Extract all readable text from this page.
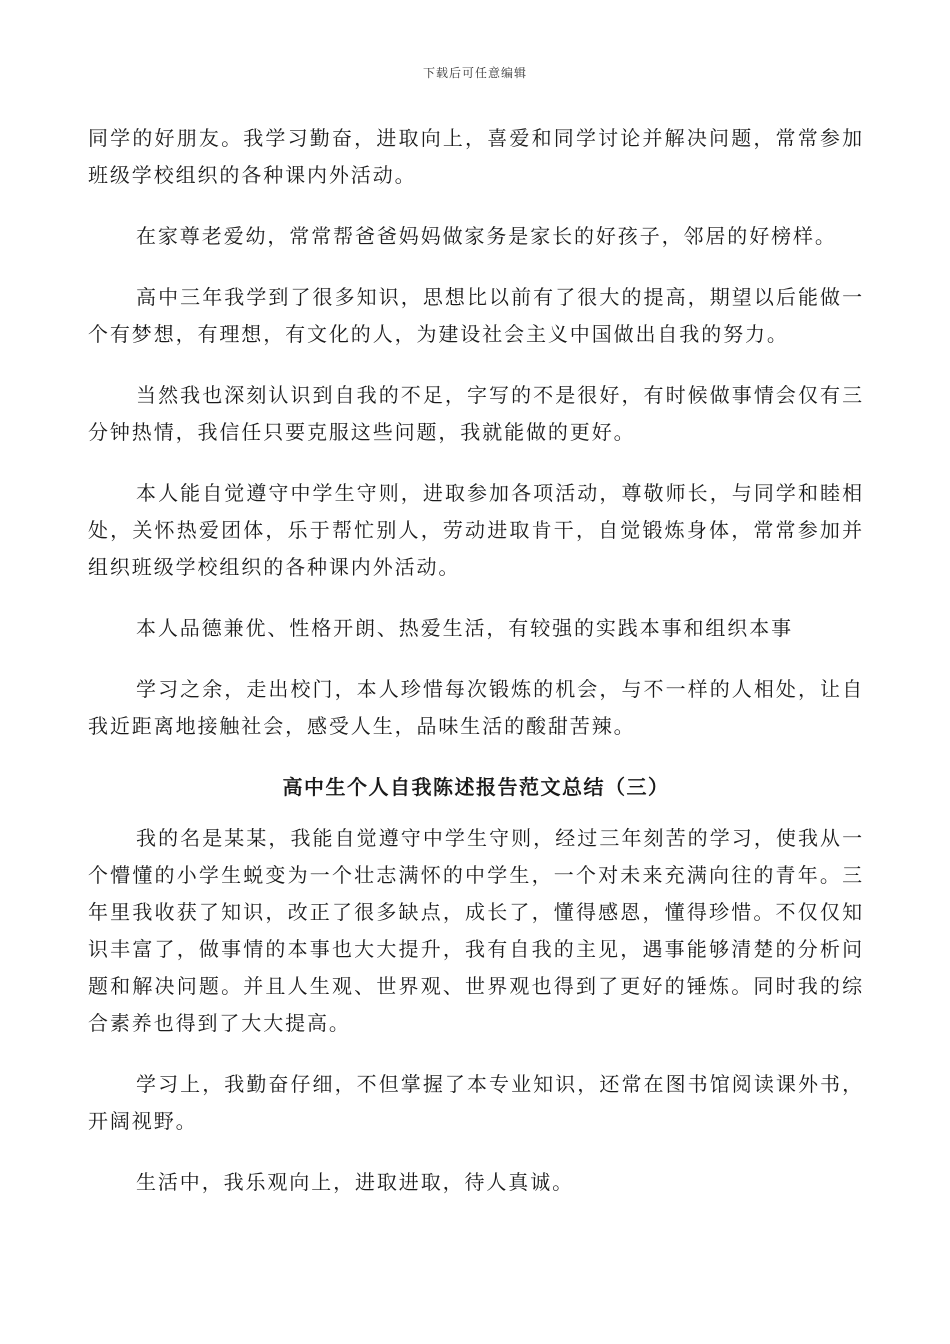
下载后可任意编辑

同学的好朋友。我学习勤奋，进取向上，喜爱和同学讨论并解决问题，常常参加班级学校组织的各种课内外活动。

在家尊老爱幼，常常帮爸爸妈妈做家务是家长的好孩子，邻居的好榜样。

高中三年我学到了很多知识，思想比以前有了很大的提高，期望以后能做一个有梦想，有理想，有文化的人，为建设社会主义中国做出自我的努力。

当然我也深刻认识到自我的不足，字写的不是很好，有时候做事情会仅有三分钟热情，我信任只要克服这些问题，我就能做的更好。

本人能自觉遵守中学生守则，进取参加各项活动，尊敬师长，与同学和睦相处，关怀热爱团体，乐于帮忙别人，劳动进取肯干，自觉锻炼身体，常常参加并组织班级学校组织的各种课内外活动。

本人品德兼优、性格开朗、热爱生活，有较强的实践本事和组织本事

学习之余，走出校门，本人珍惜每次锻炼的机会，与不一样的人相处，让自我近距离地接触社会，感受人生，品味生活的酸甜苦辣。

高中生个人自我陈述报告范文总结（三）

我的名是某某，我能自觉遵守中学生守则，经过三年刻苦的学习，使我从一个懵懂的小学生蜕变为一个壮志满怀的中学生，一个对未来充满向往的青年。三年里我收获了知识，改正了很多缺点，成长了，懂得感恩，懂得珍惜。不仅仅知识丰富了，做事情的本事也大大提升，我有自我的主见，遇事能够清楚的分析问题和解决问题。并且人生观、世界观、世界观也得到了更好的锤炼。同时我的综合素养也得到了大大提高。

学习上，我勤奋仔细，不但掌握了本专业知识，还常在图书馆阅读课外书，开阔视野。

生活中，我乐观向上，进取进取，待人真诚。
